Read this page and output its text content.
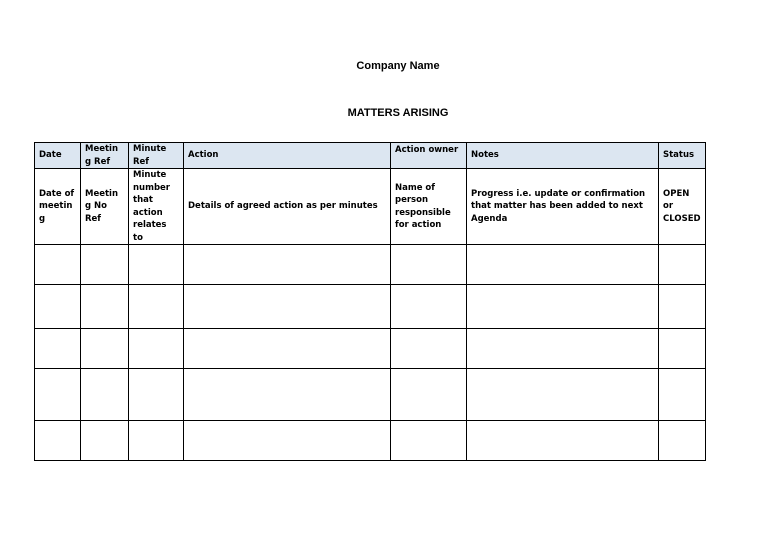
Company Name
MATTERS ARISING
Date	Meeting Ref	Minute Ref	Action	Action owner	Notes	Status
Date of meeting	Meeting No Ref	Minute number that action relates to	Details of agreed action as per minutes	Name of person responsible for action	Progress i.e. update or confirmation that matter has been added to next Agenda	OPEN or CLOSED
